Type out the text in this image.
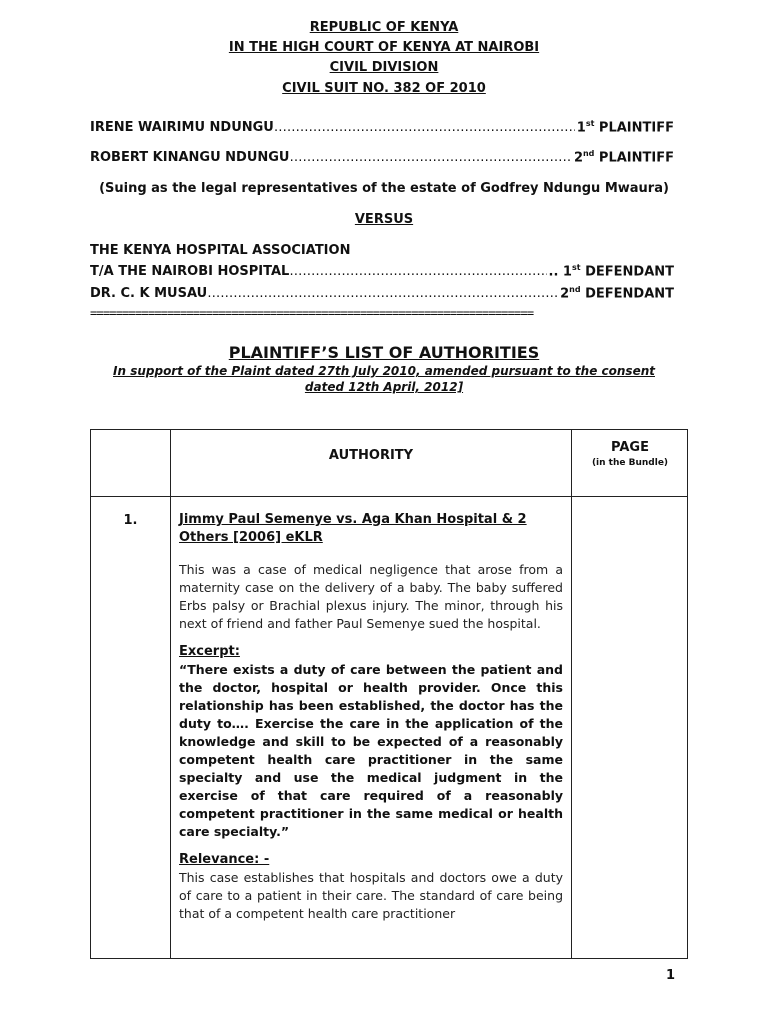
REPUBLIC OF KENYA
IN THE HIGH COURT OF KENYA AT NAIROBI
CIVIL DIVISION
CIVIL SUIT NO. 382 OF 2010
IRENE WAIRIMU NDUNGU ……………………………………………………………………………………………………………………………………………………………………………	1st PLAINTIFF
ROBERT KINANGU NDUNGU ……………………………………………………………………………………………………………………………………………………………………………	2nd PLAINTIFF
(Suing as the legal representatives of the estate of Godfrey Ndungu Mwaura)
VERSUS
THE KENYA HOSPITAL ASSOCIATION
T/A THE NAIROBI HOSPITAL ……………………………………………………………………………………………………………………………………………………………………………	.. 1st DEFENDANT
DR. C. K MUSAU ……………………………………………………………………………………………………………………………………………………………………………	2nd DEFENDANT
=====================================================================
PLAINTIFF’S LIST OF AUTHORITIES
In support of the Plaint dated 27th July 2010, amended pursuant to the consent dated 12th April, 2012]
AUTHORITY
PAGE
(in the Bundle)
1.	Jimmy Paul Semenye vs. Aga Khan Hospital & 2 Others [2006] eKLR
This was a case of medical negligence that arose from a maternity case on the delivery of a baby. The baby suffered Erbs palsy or Brachial plexus injury. The minor, through his next of friend and father Paul Semenye sued the hospital.
Excerpt:
“There exists a duty of care between the patient and the doctor, hospital or health provider. Once this relationship has been established, the doctor has the duty to…. Exercise the care in the application of the knowledge and skill to be expected of a reasonably competent health care practitioner in the same specialty and use the medical judgment in the exercise of that care required of a reasonably competent practitioner in the same medical or health care specialty.”
Relevance: -
This case establishes that hospitals and doctors owe a duty of care to a patient in their care. The standard of care being that of a competent health care practitioner
1
